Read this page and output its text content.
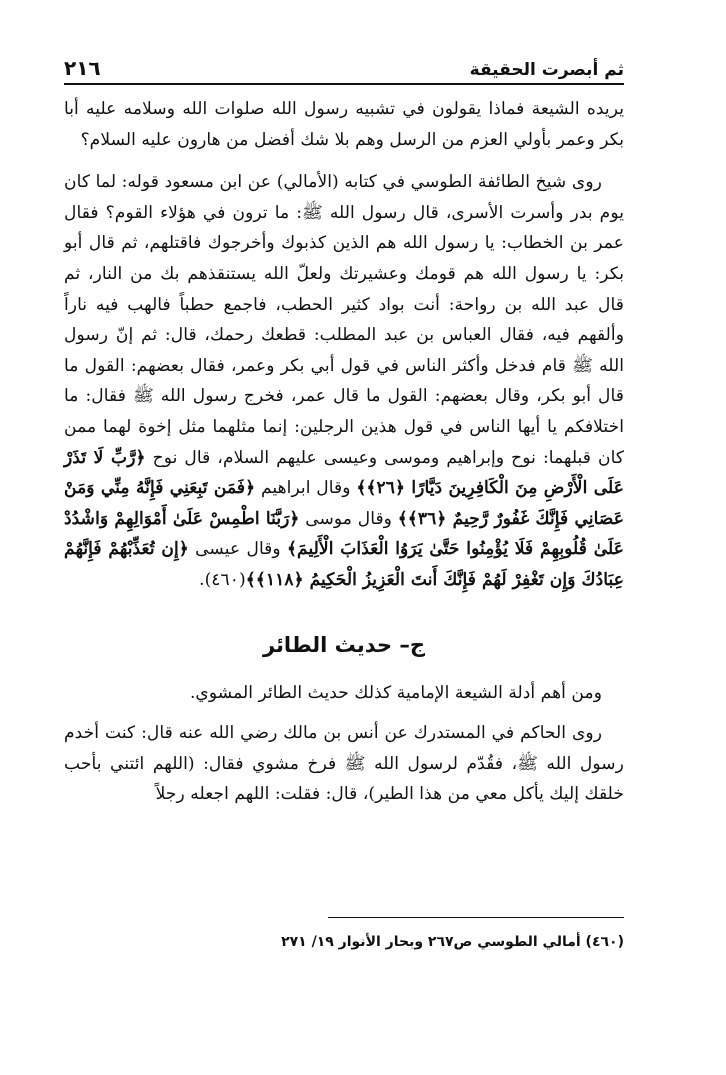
ثم أبصرت الحقيقة
٢١٦

يريده الشيعة فماذا يقولون في تشبيه رسول الله صلوات الله وسلامه عليه أبا بكر وعمر بأولي العزم من الرسل وهم بلا شك أفضل من هارون عليه السلام؟

روى شيخ الطائفة الطوسي في كتابه (الأمالي) عن ابن مسعود قوله: لما كان يوم بدر وأسرت الأسرى، قال رسول الله ﷺ: ما ترون في هؤلاء القوم؟ فقال عمر بن الخطاب: يا رسول الله هم الذين كذبوك وأخرجوك فاقتلهم، ثم قال أبو بكر: يا رسول الله هم قومك وعشيرتك ولعلّ الله يستنقذهم بك من النار، ثم قال عبد الله بن رواحة: أنت بواد كثير الحطب، فاجمع حطباً فالهب فيه ناراً وألقهم فيه، فقال العباس بن عبد المطلب: قطعك رحمك، قال: ثم إنّ رسول الله ﷺ قام فدخل وأكثر الناس في قول أبي بكر وعمر، فقال بعضهم: القول ما قال أبو بكر، وقال بعضهم: القول ما قال عمر، فخرج رسول الله ﷺ فقال: ما اختلافكم يا أيها الناس في قول هذين الرجلين: إنما مثلهما مثل إخوة لهما ممن كان قبلهما: نوح وإبراهيم وموسى وعيسى عليهم السلام، قال نوح ﴿رَّبِّ لَا تَذَرْ عَلَى الْأَرْضِ مِنَ الْكَافِرِينَ دَيَّارًا ﴿٢٦﴾﴾ وقال ابراهيم ﴿فَمَن تَبِعَنِي فَإِنَّهُ مِنِّي وَمَنْ عَصَانِي فَإِنَّكَ غَفُورٌ رَّحِيمٌ ﴿٣٦﴾﴾ وقال موسى ﴿رَبَّنَا اطْمِسْ عَلَىٰ أَمْوَالِهِمْ وَاشْدُدْ عَلَىٰ قُلُوبِهِمْ فَلَا يُؤْمِنُوا حَتَّىٰ يَرَوُا الْعَذَابَ الْأَلِيمَ﴾ وقال عيسى ﴿إِن تُعَذِّبْهُمْ فَإِنَّهُمْ عِبَادُكَ وَإِن تَغْفِرْ لَهُمْ فَإِنَّكَ أَنتَ الْعَزِيزُ الْحَكِيمُ ﴿١١٨﴾﴾(٤٦٠).

ج– حديث الطائر

ومن أهم أدلة الشيعة الإمامية كذلك حديث الطائر المشوي.

روى الحاكم في المستدرك عن أنس بن مالك رضي الله عنه قال: كنت أخدم رسول الله ﷺ، فقُدّم لرسول الله ﷺ فرخ مشوي فقال: (اللهم ائتني بأحب خلقك إليك يأكل معي من هذا الطير)، قال: فقلت: اللهم اجعله رجلاً

(٤٦٠) أمالي الطوسي ص٢٦٧ وبحار الأنوار ١٩/ ٢٧١
